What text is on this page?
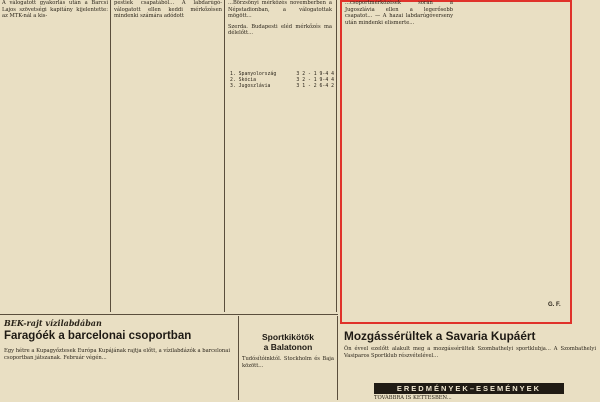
A válogatott gyakorlás után a Barcsi Lajos szövetségi kapitány kijelentette: az MTK-nál a kis-

pestiek csapatából... A labdarúgó-válogatott ellen keddi mérkőzésen mindenki számára adódott

...Börzsönyi mérkőzés novemberben a Népstadionban, a válogatottak mögött...

Szerda. Budapesti eléd mérkőzés ma délelőtt...

1. Spanyolország	3 2 - 1 9-4 4
2. Skócia	3 2 - 1 9-4 4
3. Jugoszlávia	3 1 - 2 6-4 2

...csoportmérkőzések során a Jugoszlávia ellen a legerősebb csapatot... — A hazai labdarúgóverseny után mindenki elismerte...

G. F.
BEK-rajt vízilabdában
Faragóék a barcelonai csoportban

Egy hétre a Kupagyőztesek Európa Kupájának rajtja előtt, a vízilabdázók a barcelonai csoportban játszanak. Február végén...

Sportkikötők
a Balatonon

Tudósítóinktól. Stockholm és Baja között...

Mozgássérültek a Savaria Kupáért

Ön évvel ezelőtt alakult meg a mozgássérültek Szombathelyi sportklubja... A Szombathelyi Vasiparos Sportklub részvételével...

EREDMÉNYEK–ESEMÉNYEK

TOVÁBBRA IS KETTESBEN...
